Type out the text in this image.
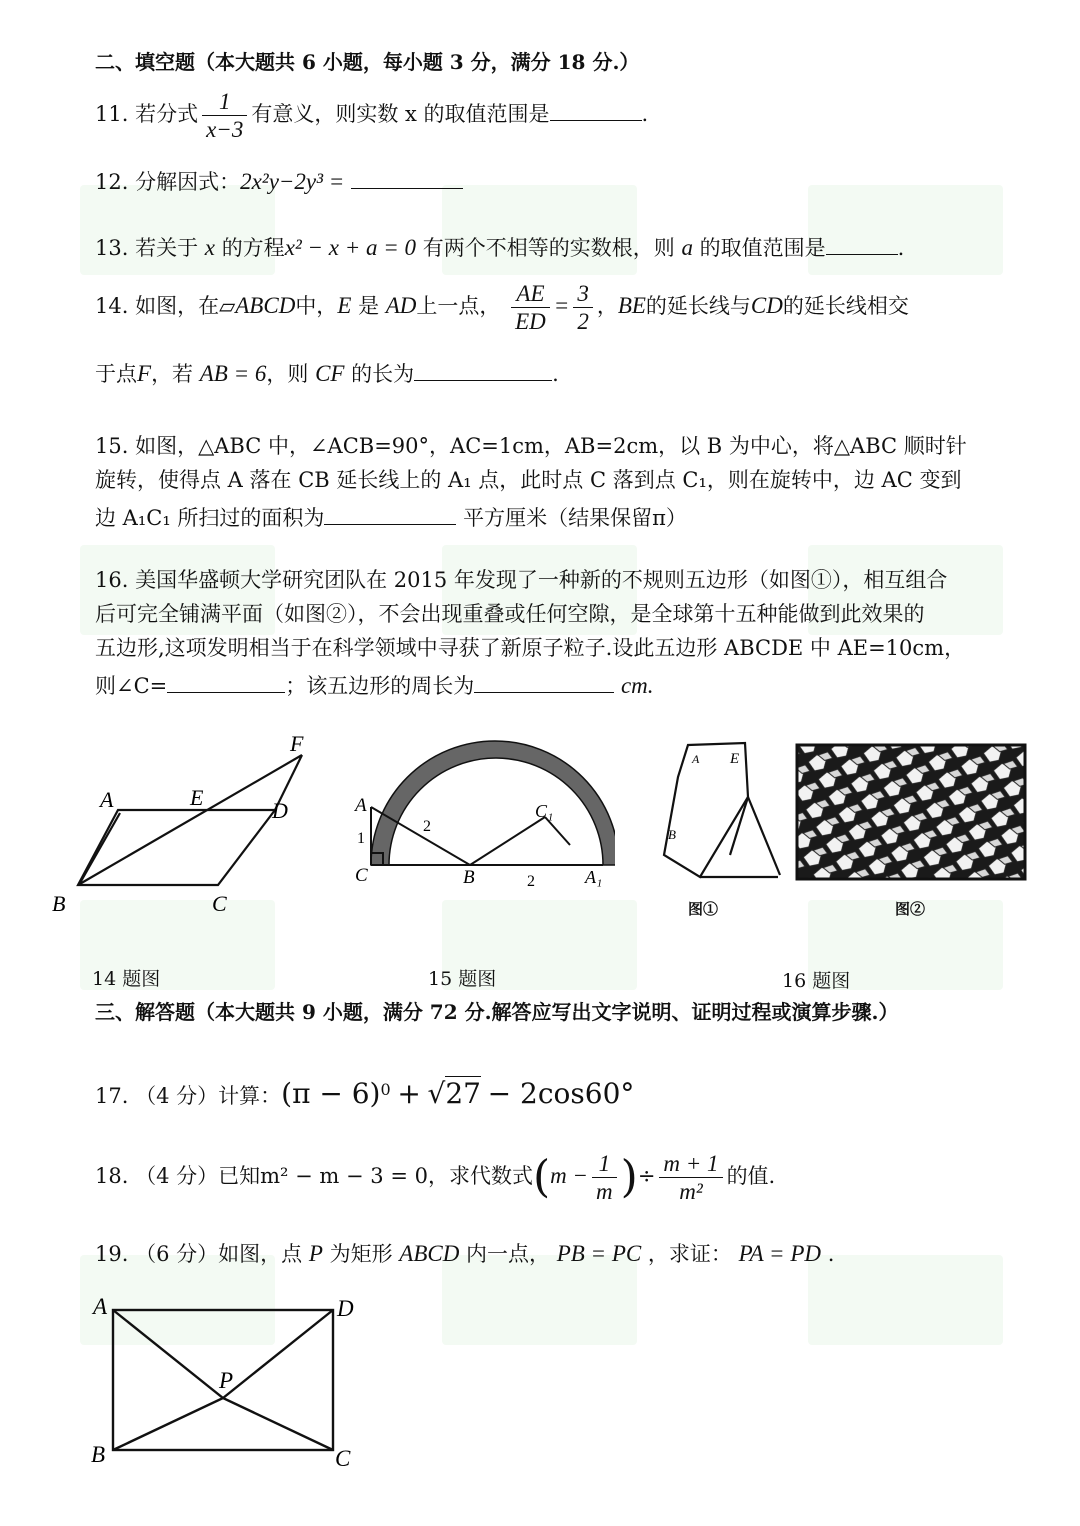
二、填空题（本大题共 6 小题，每小题 3 分，满分 18 分.）
11. 若分式 $\frac{1}{x-3}$ 有意义，则实数 x 的取值范围是	.
12. 分解因式：2x²y−2y³ =
13. 若关于 x 的方程x² − x + a = 0 有两个不相等的实数根，则 a 的取值范围是	.
14. 如图，在▱ABCD中，E 是 AD上一点， $\frac{AE}{ED} = \frac{3}{2}$ ，BE的延长线与CD的延长线相交
于点F，若 AB = 6，则 CF 的长为	.
15. 如图，△ABC 中，∠ACB=90°，AC=1cm，AB=2cm，以 B 为中心，将△ABC 顺时针
旋转，使得点 A 落在 CB 延长线上的 A₁ 点，此时点 C 落到点 C₁，则在旋转中，边 AC 变到
边 A₁C₁ 所扫过的面积为	平方厘米（结果保留π）
16. 美国华盛顿大学研究团队在 2015 年发现了一种新的不规则五边形（如图①），相互组合
后可完全铺满平面（如图②），不会出现重叠或任何空隙，是全球第十五种能做到此效果的
五边形,这项发明相当于在科学领域中寻获了新原子粒子.设此五边形 ABCDE 中 AE=10cm，
则∠C=	；该五边形的周长为	cm.
A	E
D
F
B	C
14 题图
A
C	B
C₁
A₁
1
2
2
15 题图
E
A
B
图①	图②
16 题图
三、解答题（本大题共 9 小题，满分 72 分.解答应写出文字说明、证明过程或演算步骤.）
17. （4 分）计算：$(\pi - 6)^0 + √27 - 2\cos 60^\circ$
18. （4 分）已知m² − m − 3 = 0，求代数式($m - \frac{1}{m}$ )÷ $\frac{m + 1}{\text{m²}}$ 的值.
19. （6 分）如图，点 P 为矩形 ABCD 内一点， PB = PC ，求证： PA = PD .
A	D
P
B	C
